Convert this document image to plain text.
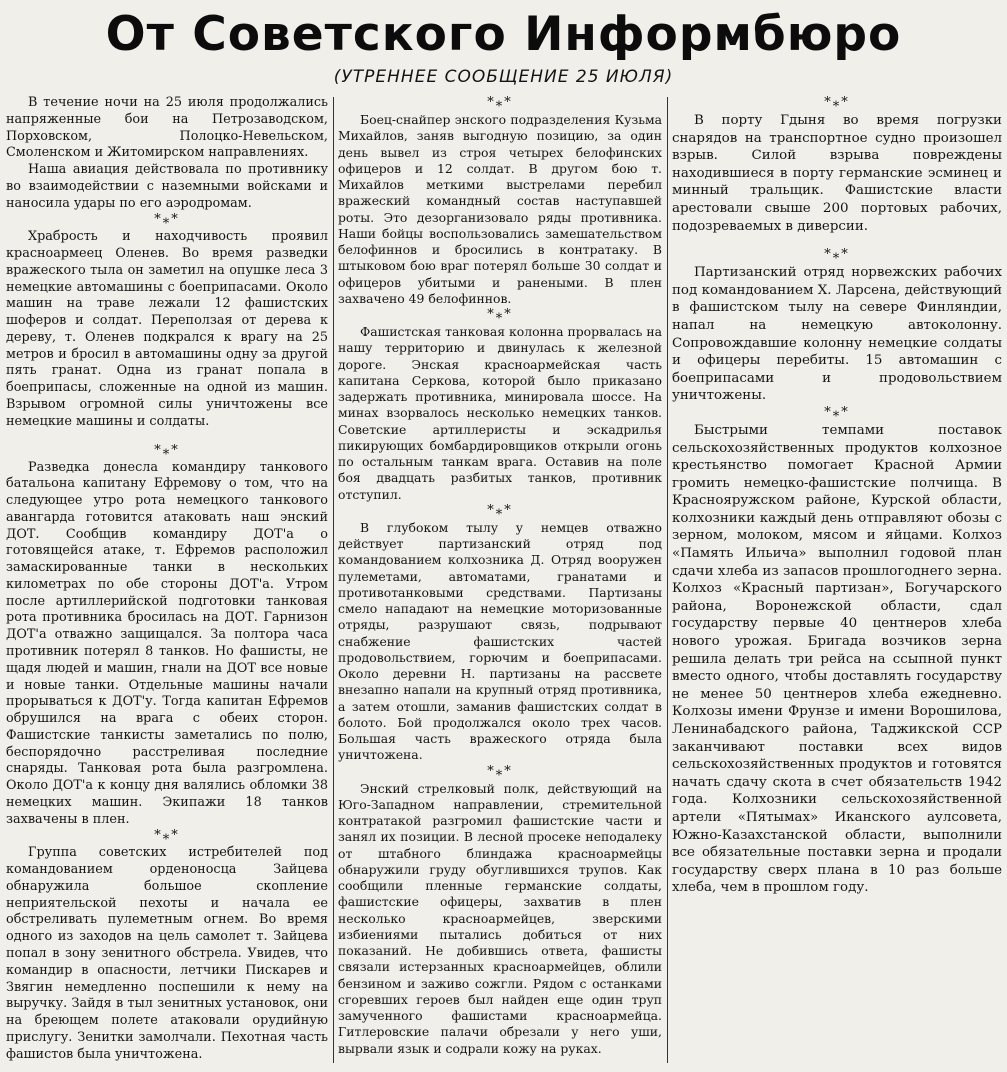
От Советского Информбюро
(УТРЕННЕЕ СООБЩЕНИЕ 25 ИЮЛЯ)

В течение ночи на 25 июля продолжались напряженные бои на Петрозаводском, Порховском, Полоцко-Невельском, Смоленском и Житомирском направлениях.

Наша авиация действовала по противнику во взаимодействии с наземными войсками и наносила удары по его аэродромам.

*⁎*

Храбрость и находчивость проявил красноармеец Оленев. Во время разведки вражеского тыла он заметил на опушке леса 3 немецкие автомашины с боеприпасами. Около машин на траве лежали 12 фашистских шоферов и солдат. Переползая от дерева к дереву, т. Оленев подкрался к врагу на 25 метров и бросил в автомашины одну за другой пять гранат. Одна из гранат попала в боеприпасы, сложенные на одной из машин. Взрывом огромной силы уничтожены все немецкие машины и солдаты.

*⁎*

Разведка донесла командиру танкового батальона капитану Ефремову о том, что на следующее утро рота немецкого танкового авангарда готовится атаковать наш энский ДОТ. Сообщив командиру ДОТ'а о готовящейся атаке, т. Ефремов расположил замаскированные танки в нескольких километрах по обе стороны ДОТ'а. Утром после артиллерийской подготовки танковая рота противника бросилась на ДОТ. Гарнизон ДОТ'а отважно защищался. За полтора часа противник потерял 8 танков. Но фашисты, не щадя людей и машин, гнали на ДОТ все новые и новые танки. Отдельные машины начали прорываться к ДОТ'у. Тогда капитан Ефремов обрушился на врага с обеих сторон. Фашистские танкисты заметались по полю, беспорядочно расстреливая последние снаряды. Танковая рота была разгромлена. Около ДОТ'а к концу дня валялись обломки 38 немецких машин. Экипажи 18 танков захвачены в плен.

*⁎*

Группа советских истребителей под командованием орденоносца Зайцева обнаружила большое скопление неприятельской пехоты и начала ее обстреливать пулеметным огнем. Во время одного из заходов на цель самолет т. Зайцева попал в зону зенитного обстрела. Увидев, что командир в опасности, летчики Пискарев и Звягин немедленно поспешили к нему на выручку. Зайдя в тыл зенитных установок, они на бреющем полете атаковали орудийную прислугу. Зенитки замолчали. Пехотная часть фашистов была уничтожена.

*⁎*

Боец-снайпер энского подразделения Кузьма Михайлов, заняв выгодную позицию, за один день вывел из строя четырех белофинских офицеров и 12 солдат. В другом бою т. Михайлов меткими выстрелами перебил вражеский командный состав наступавшей роты. Это дезорганизовало ряды противника. Наши бойцы воспользовались замешательством белофиннов и бросились в контратаку. В штыковом бою враг потерял больше 30 солдат и офицеров убитыми и ранеными. В плен захвачено 49 белофиннов.

*⁎*

Фашистская танковая колонна прорвалась на нашу территорию и двинулась к железной дороге. Энская красноармейская часть капитана Серкова, которой было приказано задержать противника, минировала шоссе. На минах взорвалось несколько немецких танков. Советские артиллеристы и эскадрилья пикирующих бомбардировщиков открыли огонь по остальным танкам врага. Оставив на поле боя двадцать разбитых танков, противник отступил.

*⁎*

В глубоком тылу у немцев отважно действует партизанский отряд под командованием колхозника Д. Отряд вооружен пулеметами, автоматами, гранатами и противотанковыми средствами. Партизаны смело нападают на немецкие моторизованные отряды, разрушают связь, подрывают снабжение фашистских частей продовольствием, горючим и боеприпасами. Около деревни Н. партизаны на рассвете внезапно напали на крупный отряд противника, а затем отошли, заманив фашистских солдат в болото. Бой продолжался около трех часов. Большая часть вражеского отряда была уничтожена.

*⁎*

Энский стрелковый полк, действующий на Юго-Западном направлении, стремительной контратакой разгромил фашистские части и занял их позиции. В лесной просеке неподалеку от штабного блиндажа красноармейцы обнаружили груду обуглившихся трупов. Как сообщили пленные германские солдаты, фашистские офицеры, захватив в плен несколько красноармейцев, зверскими избиениями пытались добиться от них показаний. Не добившись ответа, фашисты связали истерзанных красноармейцев, облили бензином и заживо сожгли. Рядом с останками сгоревших героев был найден еще один труп замученного фашистами красноармейца. Гитлеровские палачи обрезали у него уши, вырвали язык и содрали кожу на руках.

*⁎*

В порту Гдыня во время погрузки снарядов на транспортное судно произошел взрыв. Силой взрыва повреждены находившиеся в порту германские эсминец и минный тральщик. Фашистские власти арестовали свыше 200 портовых рабочих, подозреваемых в диверсии.

*⁎*

Партизанский отряд норвежских рабочих под командованием X. Ларсена, действующий в фашистском тылу на севере Финляндии, напал на немецкую автоколонну. Сопровождавшие колонну немецкие солдаты и офицеры перебиты. 15 автомашин с боеприпасами и продовольствием уничтожены.

*⁎*

Быстрыми темпами поставок сельскохозяйственных продуктов колхозное крестьянство помогает Красной Армии громить немецко-фашистские полчища. В Краснояружском районе, Курской области, колхозники каждый день отправляют обозы с зерном, молоком, мясом и яйцами. Колхоз «Память Ильича» выполнил годовой план сдачи хлеба из запасов прошлогоднего зерна. Колхоз «Красный партизан», Богучарского района, Воронежской области, сдал государству первые 40 центнеров хлеба нового урожая. Бригада возчиков зерна решила делать три рейса на ссыпной пункт вместо одного, чтобы доставлять государству не менее 50 центнеров хлеба ежедневно. Колхозы имени Фрунзе и имени Ворошилова, Ленинабадского района, Таджикской ССР заканчивают поставки всех видов сельскохозяйственных продуктов и готовятся начать сдачу скота в счет обязательств 1942 года. Колхозники сельскохозяйственной артели «Пятымах» Иканского аулсовета, Южно-Казахстанской области, выполнили все обязательные поставки зерна и продали государству сверх плана в 10 раз больше хлеба, чем в прошлом году.
